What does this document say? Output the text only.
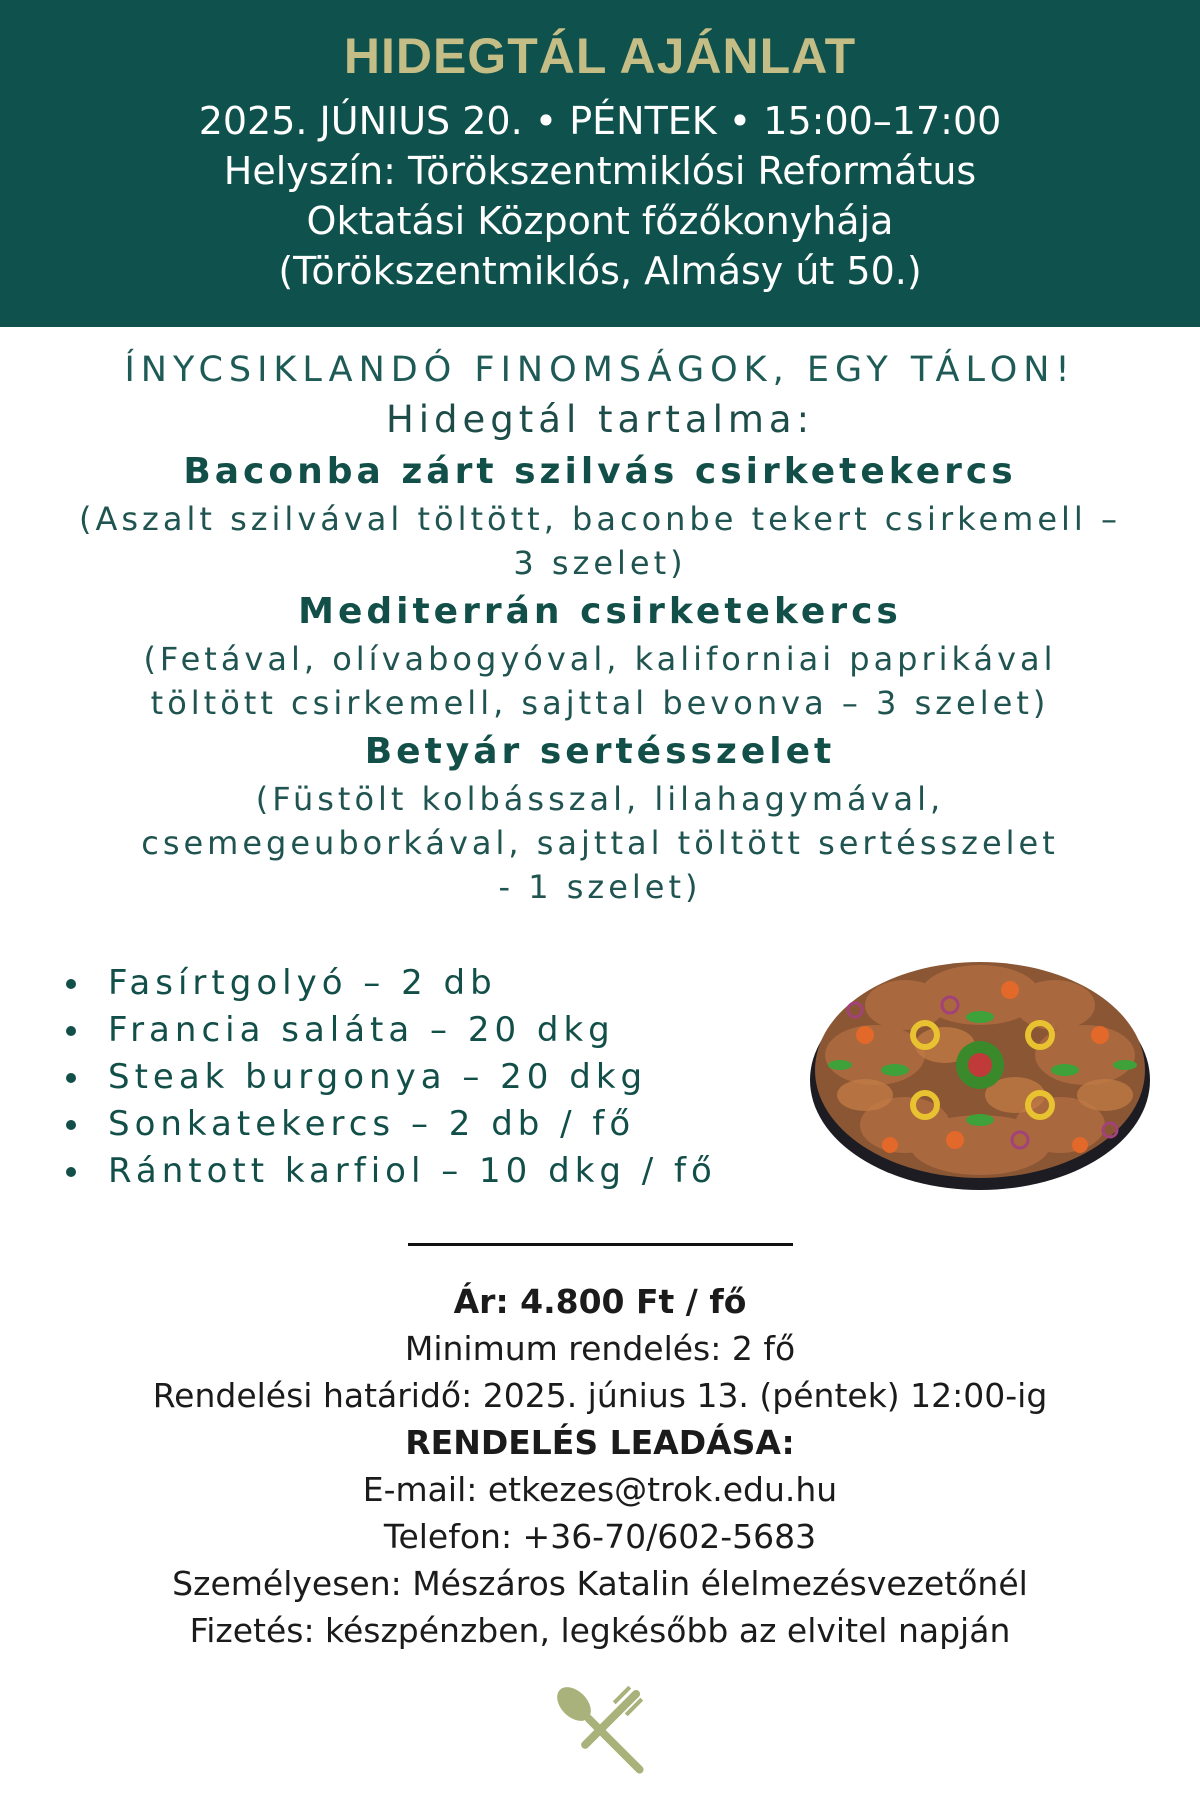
HIDEGTÁL AJÁNLAT
2025. JÚNIUS 20. • PÉNTEK • 15:00–17:00
Helyszín: Törökszentmiklósi Református
Oktatási Központ főzőkonyhája
(Törökszentmiklós, Almásy út 50.)
ÍNYCSIKLANDÓ FINOMSÁGOK, EGY TÁLON!
Hidegtál tartalma:
Baconba zárt szilvás csirketekercs
(Aszalt szilvával töltött, baconbe tekert csirkemell –
3 szelet)
Mediterrán csirketekercs
(Fetával, olívabogyóval, kaliforniai paprikával
töltött csirkemell, sajttal bevonva – 3 szelet)
Betyár sertésszelet
(Füstölt kolbásszal, lilahagymával,
csemegeuborkával, sajttal töltött sertésszelet
- 1 szelet)
Fasírtgolyó – 2 db
Francia saláta – 20 dkg
Steak burgonya – 20 dkg
Sonkatekercs – 2 db / fő
Rántott karfiol – 10 dkg / fő
Ár: 4.800 Ft / fő
Minimum rendelés: 2 fő
Rendelési határidő: 2025. június 13. (péntek) 12:00-ig
RENDELÉS LEADÁSA:
E-mail: etkezes@trok.edu.hu
Telefon: +36-70/602-5683
Személyesen: Mészáros Katalin élelmezésvezetőnél
Fizetés: készpénzben, legkésőbb az elvitel napján
